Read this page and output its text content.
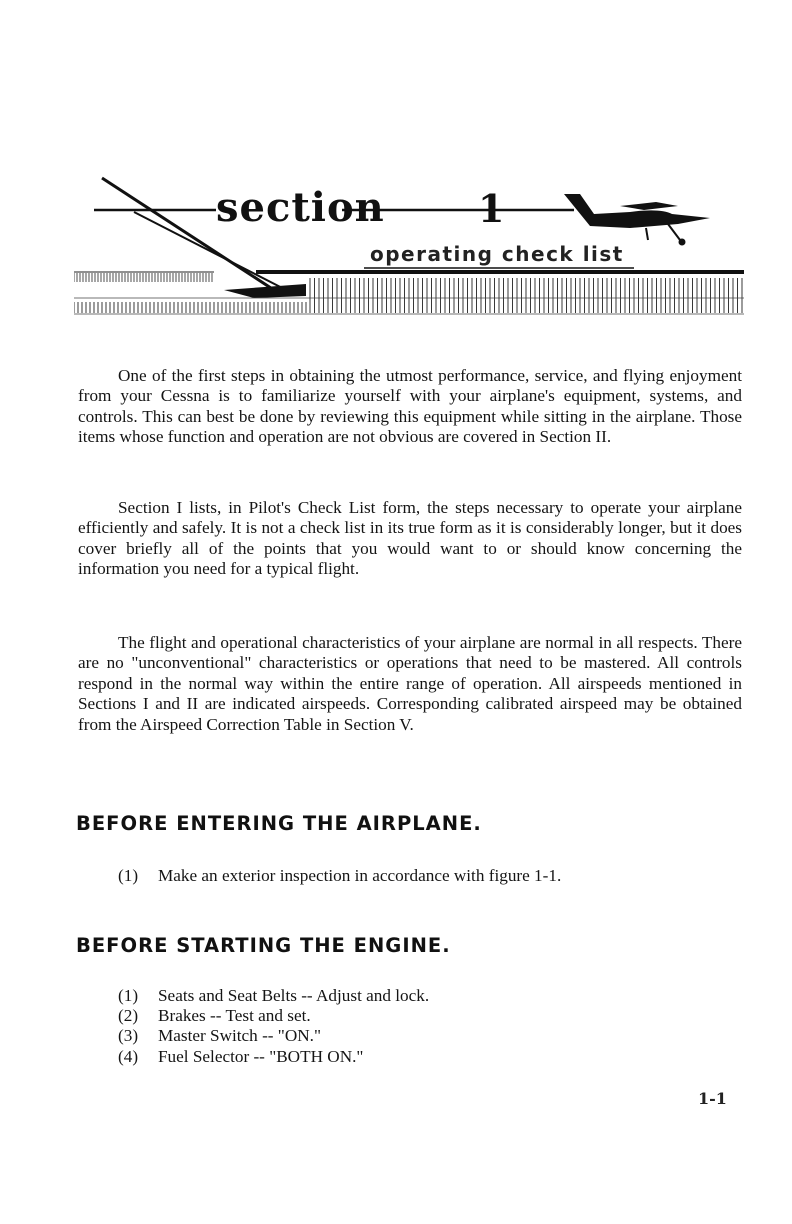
section 1
operating check list

One of the first steps in obtaining the utmost performance, service, and flying enjoyment from your Cessna is to familiarize yourself with your airplane's equipment, systems, and controls. This can best be done by reviewing this equipment while sitting in the airplane. Those items whose function and operation are not obvious are covered in Section II.

Section I lists, in Pilot's Check List form, the steps necessary to operate your airplane efficiently and safely. It is not a check list in its true form as it is considerably longer, but it does cover briefly all of the points that you would want to or should know concerning the information you need for a typical flight.

The flight and operational characteristics of your airplane are normal in all respects. There are no "unconventional" characteristics or operations that need to be mastered. All controls respond in the normal way within the entire range of operation. All airspeeds mentioned in Sections I and II are indicated airspeeds. Corresponding calibrated airspeed may be obtained from the Airspeed Correction Table in Section V.

BEFORE ENTERING THE AIRPLANE.
(1)	Make an exterior inspection in accordance with figure 1-1.
BEFORE STARTING THE ENGINE.
(1)	Seats and Seat Belts -- Adjust and lock.
(2)	Brakes -- Test and set.
(3)	Master Switch -- "ON."
(4)	Fuel Selector -- "BOTH ON."
1-1
